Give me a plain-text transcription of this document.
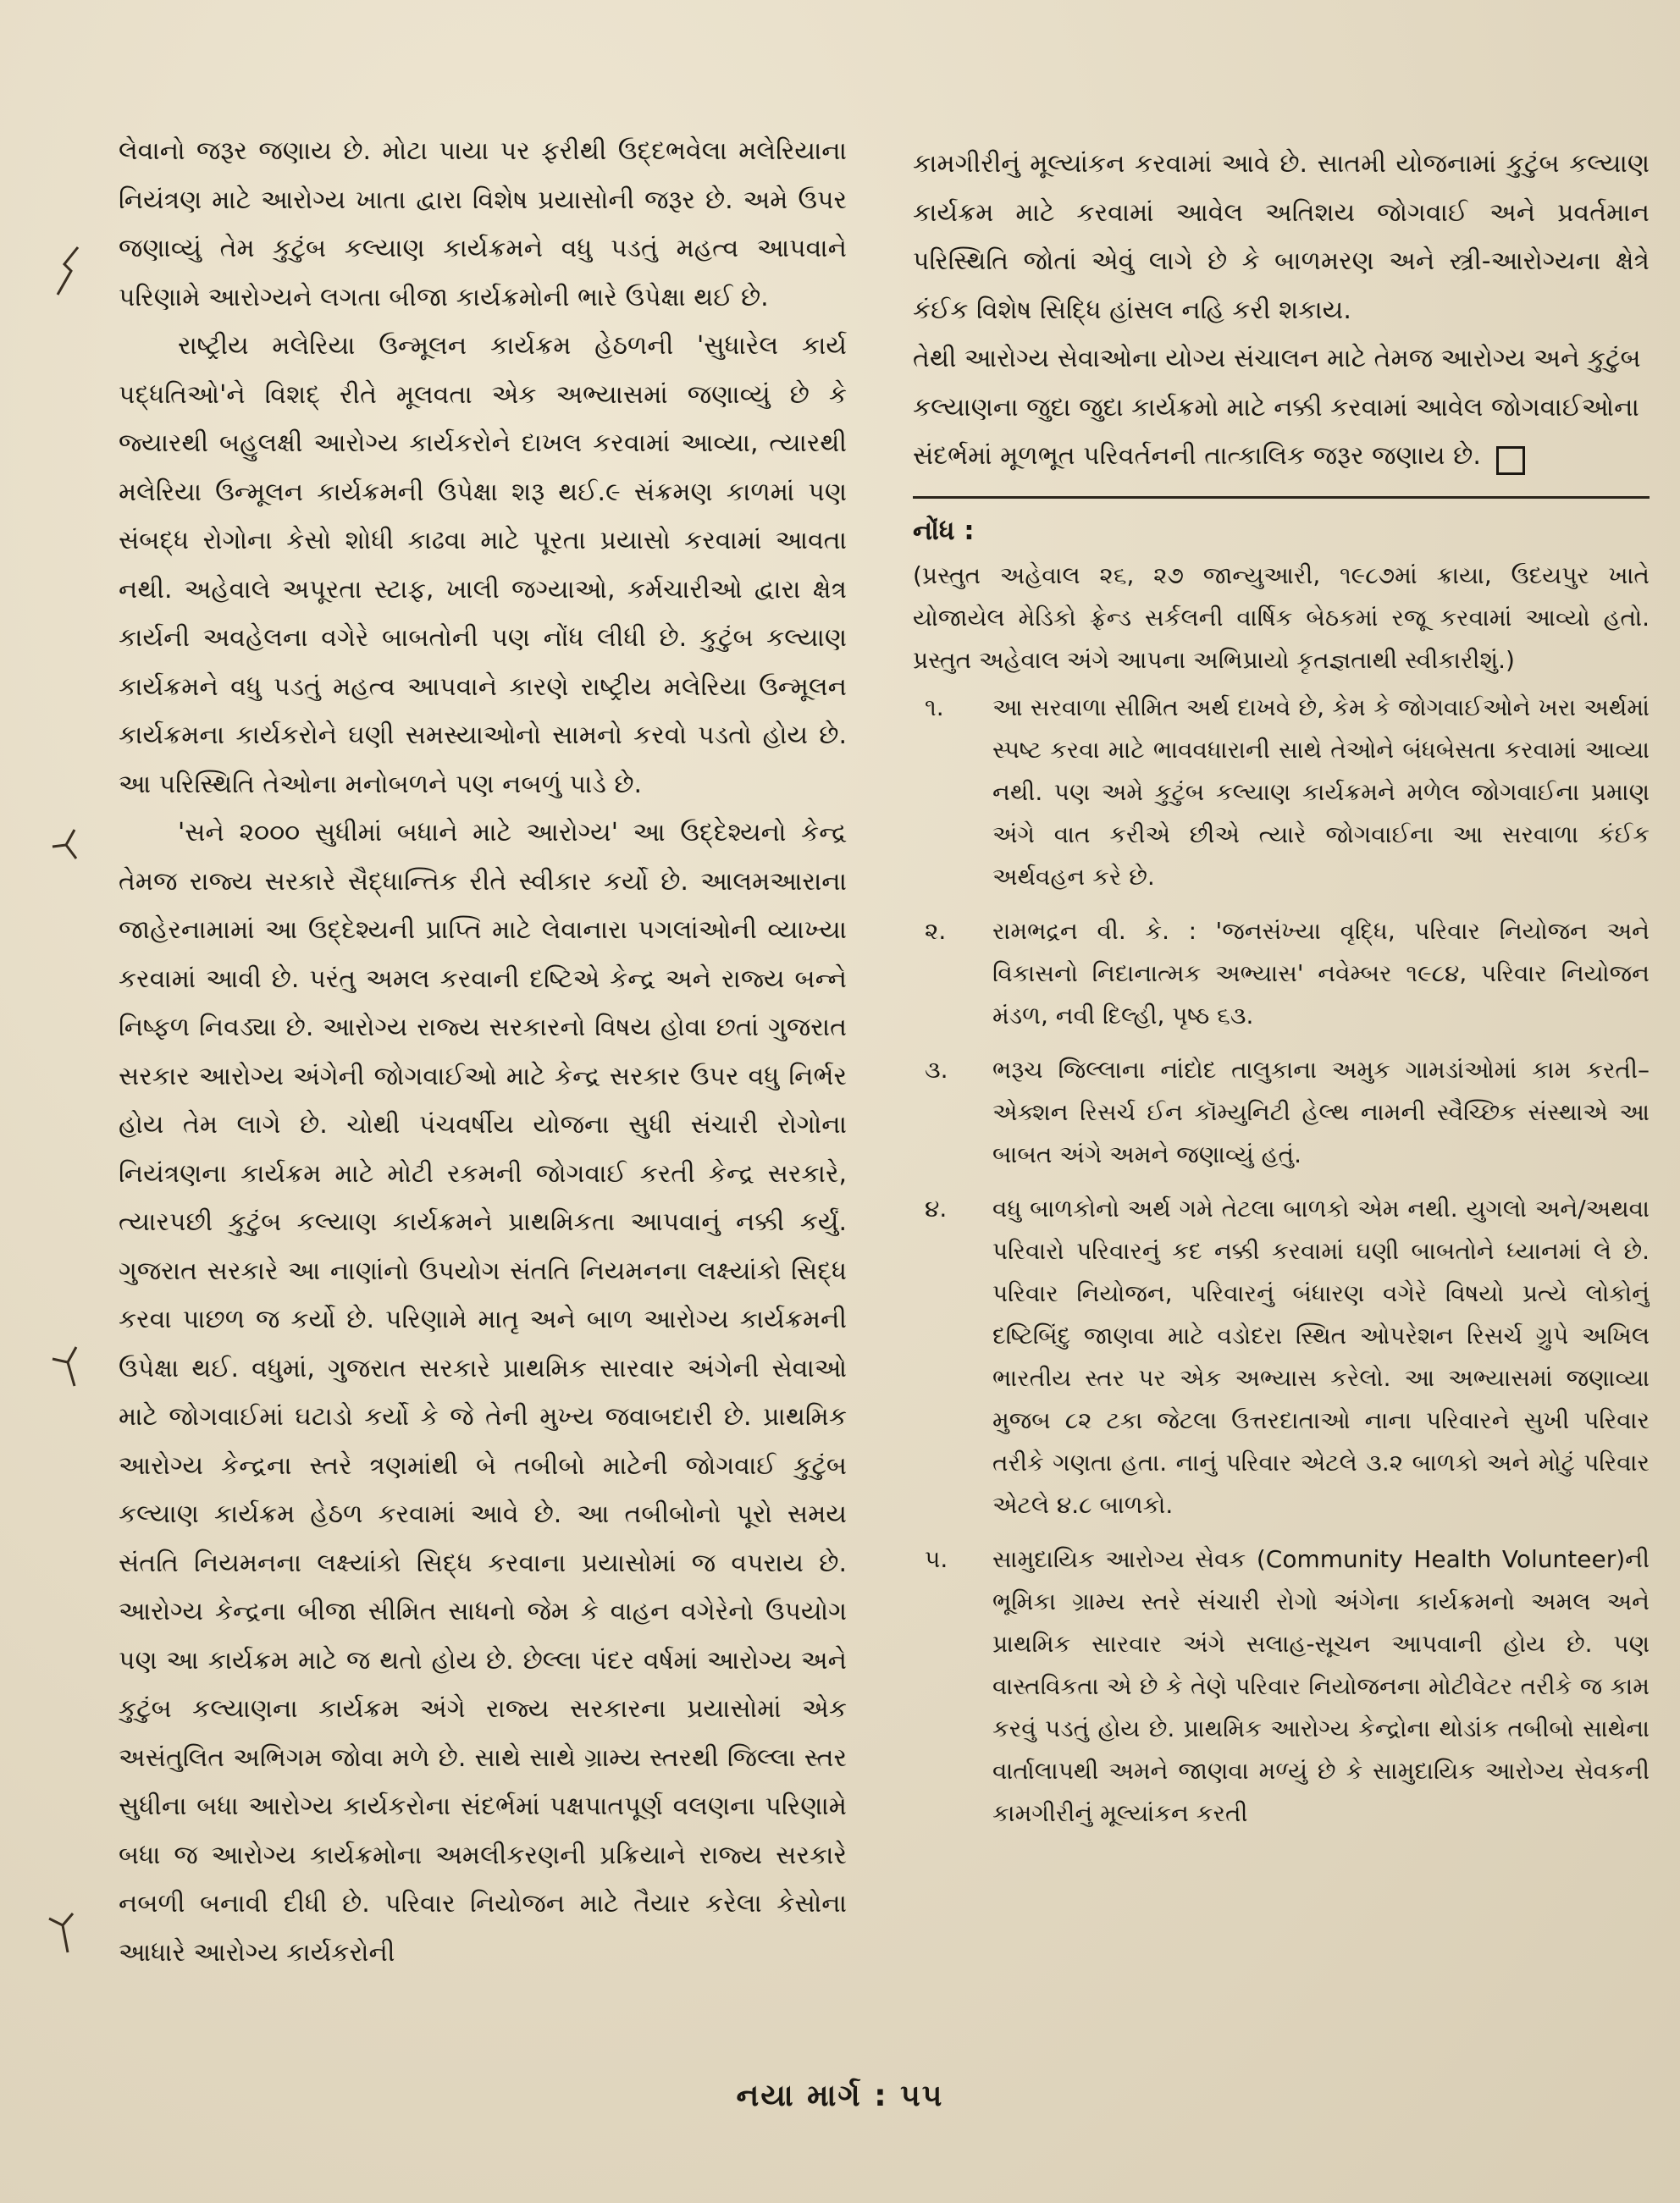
લેવાનો જરૂર જણાય છે. મોટા પાયા પર ફરીથી ઉદ્દભવેલા મલેરિયાના નિયંત્રણ માટે આરોગ્ય ખાતા દ્વારા વિશેષ પ્રયાસોની જરૂર છે. અમે ઉપર જણાવ્યું તેમ કુટુંબ કલ્યાણ કાર્યક્રમને વધુ પડતું મહત્વ આપવાને પરિણામે આરોગ્યને લગતા બીજા કાર્યક્રમોની ભારે ઉપેક્ષા થઈ છે.

રાષ્ટ્રીય મલેરિયા ઉન્મૂલન કાર્યક્રમ હેઠળની 'સુધારેલ કાર્ય પદ્ધતિઓ'ને વિશદ્ રીતે મૂલવતા એક અભ્યાસમાં જણાવ્યું છે કે જ્યારથી બહુલક્ષી આરોગ્ય કાર્યકરોને દાખલ કરવામાં આવ્યા, ત્યારથી મલેરિયા ઉન્મૂલન કાર્યક્રમની ઉપેક્ષા શરૂ થઈ.૯ સંક્રમણ કાળમાં પણ સંબદ્ધ રોગોના કેસો શોધી કાઢવા માટે પૂરતા પ્રયાસો કરવામાં આવતા નથી. અહેવાલે અપૂરતા સ્ટાફ, ખાલી જગ્યાઓ, કર્મચારીઓ દ્વારા ક્ષેત્ર કાર્યની અવહેલના વગેરે બાબતોની પણ નોંધ લીધી છે. કુટુંબ કલ્યાણ કાર્યક્રમને વધુ પડતું મહત્વ આપવાને કારણે રાષ્ટ્રીય મલેરિયા ઉન્મૂલન કાર્યક્રમના કાર્યકરોને ઘણી સમસ્યાઓનો સામનો કરવો પડતો હોય છે. આ પરિસ્થિતિ તેઓના મનોબળને પણ નબળું પાડે છે.

'સને ૨૦૦૦ સુધીમાં બધાને માટે આરોગ્ય' આ ઉદ્દેશ્યનો કેન્દ્ર તેમજ રાજ્ય સરકારે સૈદ્ધાન્તિક રીતે સ્વીકાર કર્યો છે. આલમઆરાના જાહેરનામામાં આ ઉદ્દેશ્યની પ્રાપ્તિ માટે લેવાનારા પગલાંઓની વ્યાખ્યા કરવામાં આવી છે. પરંતુ અમલ કરવાની દષ્ટિએ કેન્દ્ર અને રાજ્ય બન્ને નિષ્ફળ નિવડ્યા છે. આરોગ્ય રાજ્ય સરકારનો વિષય હોવા છતાં ગુજરાત સરકાર આરોગ્ય અંગેની જોગવાઈઓ માટે કેન્દ્ર સરકાર ઉપર વધુ નિર્ભર હોય તેમ લાગે છે. ચોથી પંચવર્ષીય યોજના સુધી સંચારી રોગોના નિયંત્રણના કાર્યક્રમ માટે મોટી રકમની જોગવાઈ કરતી કેન્દ્ર સરકારે, ત્યારપછી કુટુંબ કલ્યાણ કાર્યક્રમને પ્રાથમિકતા આપવાનું નક્કી કર્યું. ગુજરાત સરકારે આ નાણાંનો ઉપયોગ સંતતિ નિયમનના લક્ષ્યાંકો સિદ્ધ કરવા પાછળ જ કર્યો છે. પરિણામે માતૃ અને બાળ આરોગ્ય કાર્યક્રમની ઉપેક્ષા થઈ. વધુમાં, ગુજરાત સરકારે પ્રાથમિક સારવાર અંગેની સેવાઓ માટે જોગવાઈમાં ઘટાડો કર્યો કે જે તેની મુખ્ય જવાબદારી છે. પ્રાથમિક આરોગ્ય કેન્દ્રના સ્તરે ત્રણમાંથી બે તબીબો માટેની જોગવાઈ કુટુંબ કલ્યાણ કાર્યક્રમ હેઠળ કરવામાં આવે છે. આ તબીબોનો પૂરો સમય સંતતિ નિયમનના લક્ષ્યાંકો સિદ્ધ કરવાના પ્રયાસોમાં જ વપરાય છે. આરોગ્ય કેન્દ્રના બીજા સીમિત સાધનો જેમ કે વાહન વગેરેનો ઉપયોગ પણ આ કાર્યક્રમ માટે જ થતો હોય છે. છેલ્લા પંદર વર્ષમાં આરોગ્ય અને કુટુંબ કલ્યાણના કાર્યક્રમ અંગે રાજ્ય સરકારના પ્રયાસોમાં એક અસંતુલિત અભિગમ જોવા મળે છે. સાથે સાથે ગ્રામ્ય સ્તરથી જિલ્લા સ્તર સુધીના બધા આરોગ્ય કાર્યકરોના સંદર્ભમાં પક્ષપાતપૂર્ણ વલણના પરિણામે બધા જ આરોગ્ય કાર્યક્રમોના અમલીકરણની પ્રક્રિયાને રાજ્ય સરકારે નબળી બનાવી દીધી છે. પરિવાર નિયોજન માટે તૈયાર કરેલા કેસોના આધારે આરોગ્ય કાર્યકરોની

કામગીરીનું મૂલ્યાંકન કરવામાં આવે છે. સાતમી યોજનામાં કુટુંબ કલ્યાણ કાર્યક્રમ માટે કરવામાં આવેલ અતિશય જોગવાઈ અને પ્રવર્તમાન પરિસ્થિતિ જોતાં એવું લાગે છે કે બાળમરણ અને સ્ત્રી-આરોગ્યના ક્ષેત્રે કંઈક વિશેષ સિદ્ધિ હાંસલ નહિ કરી શકાય.

તેથી આરોગ્ય સેવાઓના યોગ્ય સંચાલન માટે તેમજ આરોગ્ય અને કુટુંબ કલ્યાણના જુદા જુદા કાર્યક્રમો માટે નક્કી કરવામાં આવેલ જોગવાઈઓના સંદર્ભમાં મૂળભૂત પરિવર્તનની તાત્કાલિક જરૂર જણાય છે.

નોંધ :

(પ્રસ્તુત અહેવાલ ૨૬, ૨૭ જાન્યુઆરી, ૧૯૮૭માં ક્રાયા, ઉદયપુર ખાતે યોજાયેલ મેડિકો ફ્રેન્ડ સર્કલની વાર્ષિક બેઠકમાં રજૂ કરવામાં આવ્યો હતો. પ્રસ્તુત અહેવાલ અંગે આપના અભિપ્રાયો કૃતજ્ઞતાથી સ્વીકારીશું.)

૧.	આ સરવાળા સીમિત અર્થ દાખવે છે, કેમ કે જોગવાઈઓને ખરા અર્થમાં સ્પષ્ટ કરવા માટે ભાવવધારાની સાથે તેઓને બંધબેસતા કરવામાં આવ્યા નથી. પણ અમે કુટુંબ કલ્યાણ કાર્યક્રમને મળેલ જોગવાઈના પ્રમાણ અંગે વાત કરીએ છીએ ત્યારે જોગવાઈના આ સરવાળા કંઈક અર્થવહન કરે છે.
૨.	રામભદ્રન વી. કે. : 'જનસંખ્યા વૃદ્ધિ, પરિવાર નિયોજન અને વિકાસનો નિદાનાત્મક અભ્યાસ' નવેમ્બર ૧૯૮૪, પરિવાર નિયોજન મંડળ, નવી દિલ્હી, પૃષ્ઠ ૬૩.
૩.	ભરૂચ જિલ્લાના નાંદોદ તાલુકાના અમુક ગામડાંઓમાં કામ કરતી–એક્શન રિસર્ચ ઈન કૉમ્યુનિટી હેલ્થ નામની સ્વૈચ્છિક સંસ્થાએ આ બાબત અંગે અમને જણાવ્યું હતું.
૪.	વધુ બાળકોનો અર્થ ગમે તેટલા બાળકો એમ નથી. યુગલો અને/અથવા પરિવારો પરિવારનું કદ નક્કી કરવામાં ઘણી બાબતોને ધ્યાનમાં લે છે. પરિવાર નિયોજન, પરિવારનું બંધારણ વગેરે વિષયો પ્રત્યે લોકોનું દષ્ટિબિંદુ જાણવા માટે વડોદરા સ્થિત ઓપરેશન રિસર્ચ ગ્રુપે અખિલ ભારતીય સ્તર પર એક અભ્યાસ કરેલો. આ અભ્યાસમાં જણાવ્યા મુજબ ૮૨ ટકા જેટલા ઉત્તરદાતાઓ નાના પરિવારને સુખી પરિવાર તરીકે ગણતા હતા. નાનું પરિવાર એટલે ૩.૨ બાળકો અને મોટું પરિવાર એટલે ૪.૮ બાળકો.
૫.	સામુદાયિક આરોગ્ય સેવક (Community Health Volunteer)ની ભૂમિકા ગ્રામ્ય સ્તરે સંચારી રોગો અંગેના કાર્યક્રમનો અમલ અને પ્રાથમિક સારવાર અંગે સલાહ-સૂચન આપવાની હોય છે. પણ વાસ્તવિકતા એ છે કે તેણે પરિવાર નિયોજનના મોટીવેટર તરીકે જ કામ કરવું પડતું હોય છે. પ્રાથમિક આરોગ્ય કેન્દ્રોના થોડાંક તબીબો સાથેના વાર્તાલાપથી અમને જાણવા મળ્યું છે કે સામુદાયિક આરોગ્ય સેવકની કામગીરીનું મૂલ્યાંકન કરતી
નયા માર્ગ : ૫૫
